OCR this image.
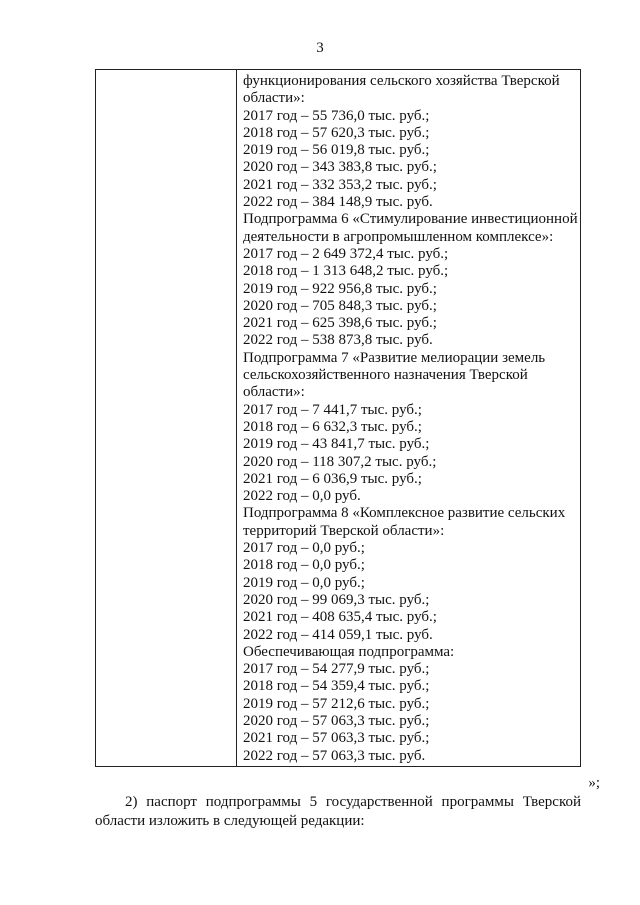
3
функционирования сельского хозяйства Тверской
области»:
2017 год – 55 736,0 тыс. руб.;
2018 год – 57 620,3 тыс. руб.;
2019 год – 56 019,8 тыс. руб.;
2020 год – 343 383,8 тыс. руб.;
2021 год – 332 353,2 тыс. руб.;
2022 год – 384 148,9 тыс. руб.
Подпрограмма 6 «Стимулирование инвестиционной
деятельности в агропромышленном комплексе»:
2017 год – 2 649 372,4 тыс. руб.;
2018 год – 1 313 648,2 тыс. руб.;
2019 год – 922 956,8 тыс. руб.;
2020 год – 705 848,3 тыс. руб.;
2021 год – 625 398,6 тыс. руб.;
2022 год – 538 873,8 тыс. руб.
Подпрограмма 7 «Развитие мелиорации земель
сельскохозяйственного назначения Тверской
области»:
2017 год – 7 441,7 тыс. руб.;
2018 год – 6 632,3 тыс. руб.;
2019 год – 43 841,7 тыс. руб.;
2020 год – 118 307,2 тыс. руб.;
2021 год – 6 036,9 тыс. руб.;
2022 год – 0,0 руб.
Подпрограмма 8 «Комплексное развитие сельских
территорий Тверской области»:
2017 год – 0,0 руб.;
2018 год – 0,0 руб.;
2019 год – 0,0 руб.;
2020 год – 99 069,3 тыс. руб.;
2021 год – 408 635,4 тыс. руб.;
2022 год – 414 059,1 тыс. руб.
Обеспечивающая подпрограмма:
2017 год – 54 277,9 тыс. руб.;
2018 год – 54 359,4 тыс. руб.;
2019 год – 57 212,6 тыс. руб.;
2020 год – 57 063,3 тыс. руб.;
2021 год – 57 063,3 тыс. руб.;
2022 год – 57 063,3 тыс. руб.
»;
2) паспорт подпрограммы 5 государственной программы Тверской
области изложить в следующей редакции:
